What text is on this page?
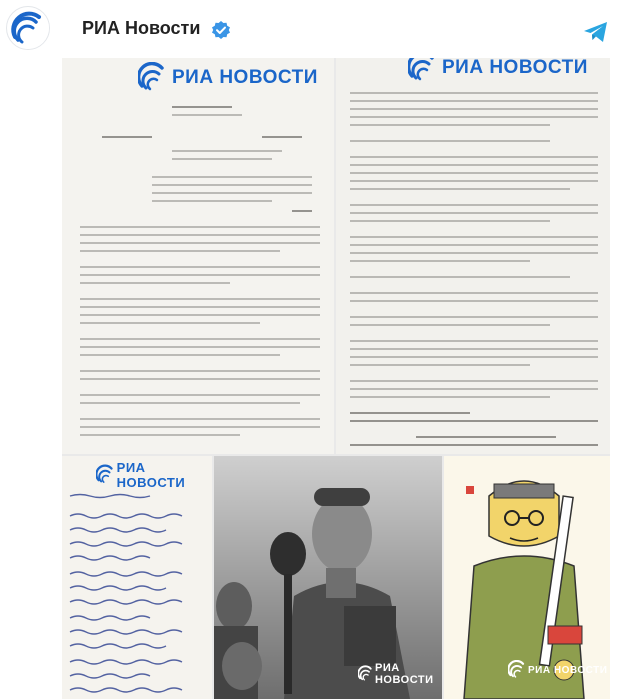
РИА Новости
РИА НОВОСТИ	РИА НОВОСТИ
РИА НОВОСТИ
РИА НОВОСТИ
РИА НОВОСТИ
